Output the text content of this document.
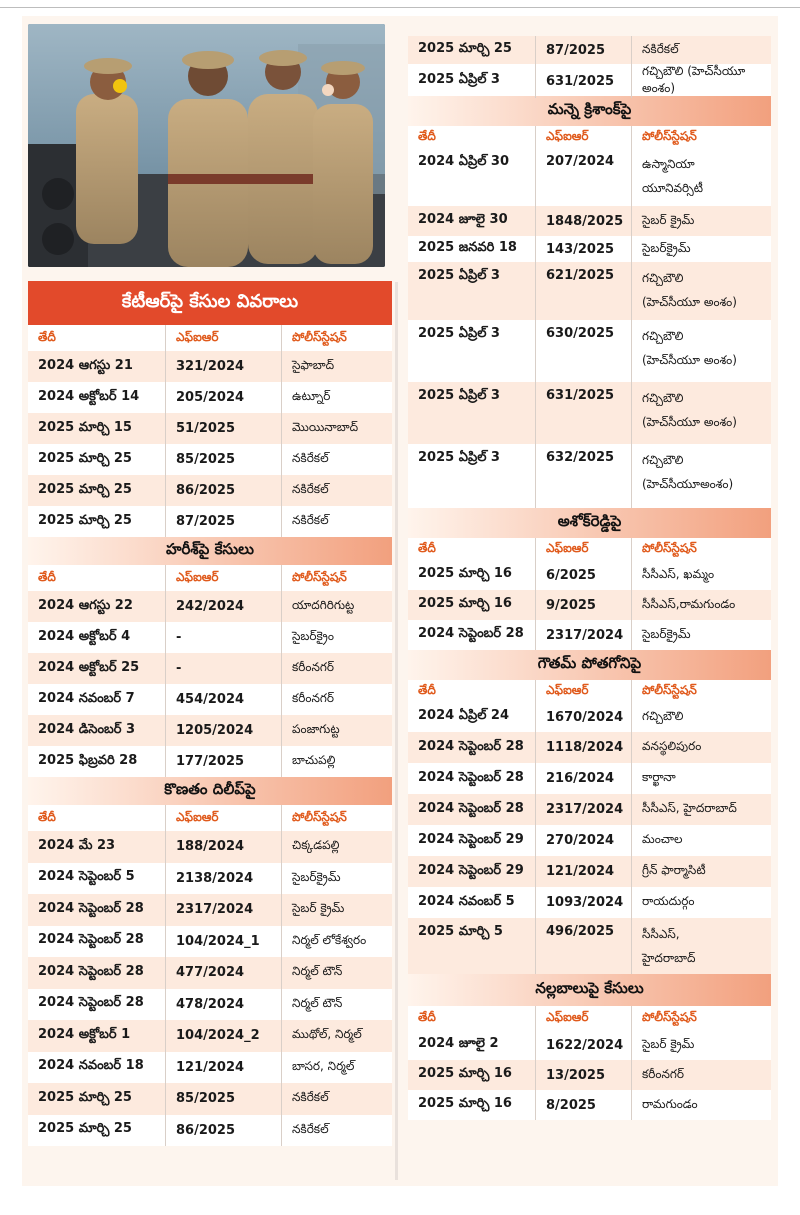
కేటీఆర్‌పై కేసుల వివరాలు
తేదీ	ఎఫ్ఐఆర్	పోలీస్‌స్టేషన్
2024 ఆగస్టు 21	321/2024	సైఫాబాద్
2024 అక్టోబర్ 14	205/2024	ఉట్నూర్
2025 మార్చి 15	51/2025	మొయినాబాద్
2025 మార్చి 25	85/2025	నకిరేకల్
2025 మార్చి 25	86/2025	నకిరేకల్
2025 మార్చి 25	87/2025	నకిరేకల్
హరీశ్‌పై కేసులు
తేదీ	ఎఫ్ఐఆర్	పోలీస్‌స్టేషన్
2024 ఆగస్టు 22	242/2024	యాదగిరిగుట్ట
2024 అక్టోబర్ 4	-	సైబర్‌క్రైం
2024 అక్టోబర్ 25	-	కరీంనగర్
2024 నవంబర్ 7	454/2024	కరీంనగర్
2024 డిసెంబర్ 3	1205/2024	పంజాగుట్ట
2025 ఫిబ్రవరి 28	177/2025	బాచుపల్లి
కొణతం దిలీప్‌పై
తేదీ	ఎఫ్ఐఆర్	పోలీస్‌స్టేషన్
2024 మే 23	188/2024	చిక్కడపల్లి
2024 సెప్టెంబర్ 5	2138/2024	సైబర్‌క్రైమ్
2024 సెప్టెంబర్ 28	2317/2024	సైబర్ క్రైమ్
2024 సెప్టెంబర్ 28	104/2024_1	నిర్మల్ లోకేశ్వరం
2024 సెప్టెంబర్ 28	477/2024	నిర్మల్ టౌన్
2024 సెప్టెంబర్ 28	478/2024	నిర్మల్ టౌన్
2024 అక్టోబర్ 1	104/2024_2	ముథోల్, నిర్మల్
2024 నవంబర్ 18	121/2024	బాసర, నిర్మల్
2025 మార్చి 25	85/2025	నకిరేకల్
2025 మార్చి 25	86/2025	నకిరేకల్
2025 మార్చి 25	87/2025	నకిరేకల్
2025 ఏప్రిల్ 3	631/2025
గచ్చిబౌలి (హెచ్‌సీయూ అంశం)
మన్నె క్రిశాంక్‌పై
తేదీ	ఎఫ్ఐఆర్	పోలీస్‌స్టేషన్
2024 ఏప్రిల్ 30	207/2024	ఉస్మానియా
యూనివర్సిటీ
2024 జూలై 30	1848/2025	సైబర్ క్రైమ్
2025 జనవరి 18	143/2025	సైబర్‌క్రైమ్
2025 ఏప్రిల్ 3	621/2025	గచ్చిబౌలి
(హెచ్‌సీయూ అంశం)
2025 ఏప్రిల్ 3	630/2025	గచ్చిబౌలి
(హెచ్‌సీయూ అంశం)
2025 ఏప్రిల్ 3	631/2025	గచ్చిబౌలి
(హెచ్‌సీయూ అంశం)
2025 ఏప్రిల్ 3	632/2025	గచ్చిబౌలి
(హెచ్‌సీయూఅంశం)
అశోక్‌రెడ్డిపై
తేదీ	ఎఫ్ఐఆర్	పోలీస్‌స్టేషన్
2025 మార్చి 16	6/2025	సీసీఎస్, ఖమ్మం
2025 మార్చి 16	9/2025	సీసీఎస్,రామగుండం
2024 సెప్టెంబర్ 28	2317/2024	సైబర్‌క్రైమ్
గౌతమ్ పోతగోనిపై
తేదీ	ఎఫ్ఐఆర్	పోలీస్‌స్టేషన్
2024 ఏప్రిల్ 24	1670/2024	గచ్చిబౌలి
2024 సెప్టెంబర్ 28	1118/2024	వనస్థలిపురం
2024 సెప్టెంబర్ 28	216/2024	కార్ఖానా
2024 సెప్టెంబర్ 28	2317/2024	సీసీఎస్, హైదరాబాద్
2024 సెప్టెంబర్ 29	270/2024	మంచాల
2024 సెప్టెంబర్ 29	121/2024	గ్రీన్ ఫార్మాసిటీ
2024 నవంబర్ 5	1093/2024	రాయదుర్గం
2025 మార్చి 5	496/2025	సీసీఎస్,
హైదరాబాద్
నల్లబాలుపై కేసులు
తేదీ	ఎఫ్ఐఆర్	పోలీస్‌స్టేషన్
2024 జూలై 2	1622/2024	సైబర్ క్రైమ్
2025 మార్చి 16	13/2025	కరీంనగర్
2025 మార్చి 16	8/2025	రామగుండం
